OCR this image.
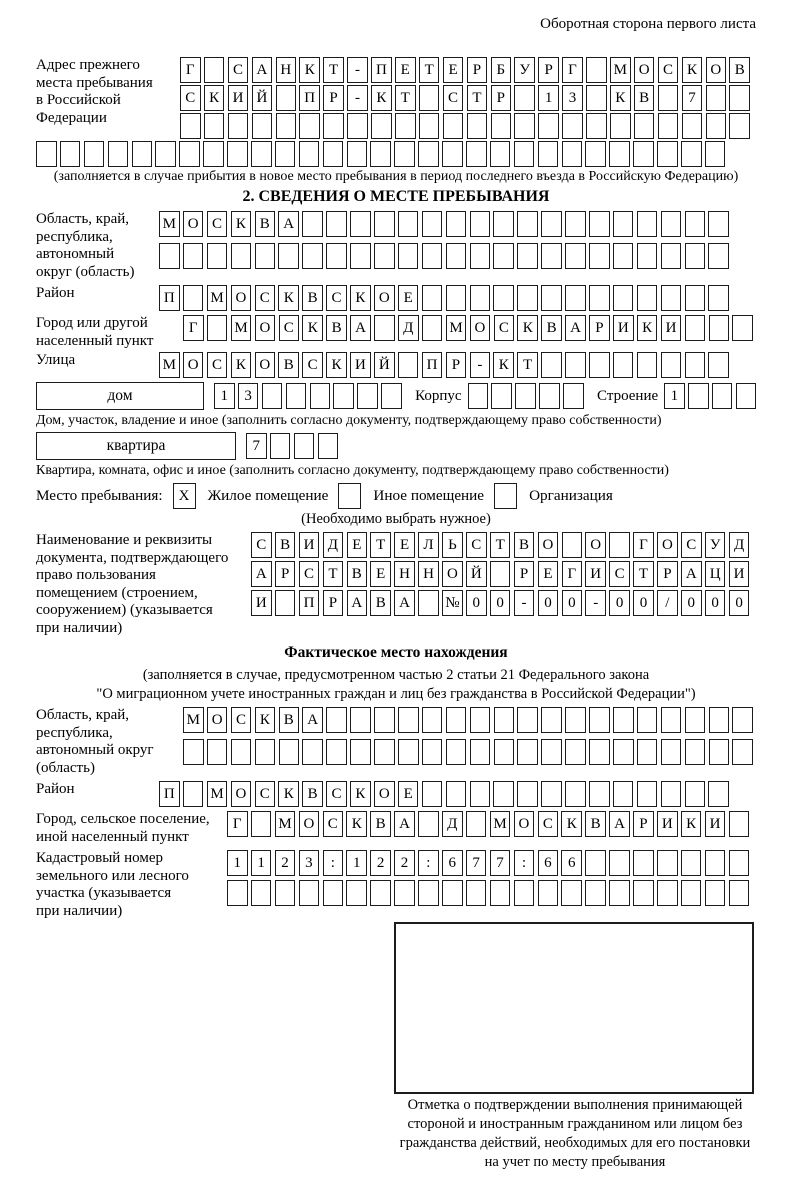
Оборотная сторона первого листа
Адрес прежнего
места пребывания
в Российской
Федерации
Г	С А Н К Т	-	П Е Т Е	Р	Б У Р	Г	М О С К О В
С К И Й	П Р	-	К Т	С Т	Р	1	3	К В	7
(заполняется в случае прибытия в новое место пребывания в период последнего въезда в Российскую Федерацию)
2. СВЕДЕНИЯ О МЕСТЕ ПРЕБЫВАНИЯ
Область, край,
республика,
автономный
округ (область)
М О С К В А
Район	П	М О С К В С К О Е
Город или другой
населенный пункт
Г	М О С К В А	Д	М О С К В А Р И К И
Улица	М О С К О В С К И Й	П Р	-	К Т
дом	1	3	Корпус	Строение 1
Дом, участок, владение и иное (заполнить согласно документу, подтверждающему право собственности)
квартира	7
Квартира, комната, офис и иное (заполнить согласно документу, подтверждающему право собственности)
Место пребывания:	X	Жилое помещение	Иное помещение	Организация
(Необходимо выбрать нужное)
Наименование и реквизиты
документа, подтверждающего
право пользования
помещением (строением,
сооружением) (указывается
при наличии)
С В И Д Е Т Е Л Ь С Т В О	О	Г О С У Д
А Р С Т В Е Н Н О Й	Р	Е Г И С Т	Р А Ц И
И	П Р А В А	№ 0	0	-	0	0	-	0	0	/	0	0	0
Фактическое место нахождения
(заполняется в случае, предусмотренном частью 2 статьи 21 Федерального закона
"О миграционном учете иностранных граждан и лиц без гражданства в Российской Федерации")
Область, край,
республика,
автономный округ
(область)
М О С К В А
Район	П	М О С К В С К О Е
Город, сельское поселение,
иной населенный пункт
Г	М О С К В А	Д	М О С К В А Р И К И
Кадастровый номер
земельного или лесного
участка (указывается
при наличии)
1	1	2	3	:	1	2	2	:	6	7	7	:	6	6
Отметка о подтверждении выполнения принимающей
стороной и иностранным гражданином или лицом без
гражданства действий, необходимых для его постановки
на учет по месту пребывания
